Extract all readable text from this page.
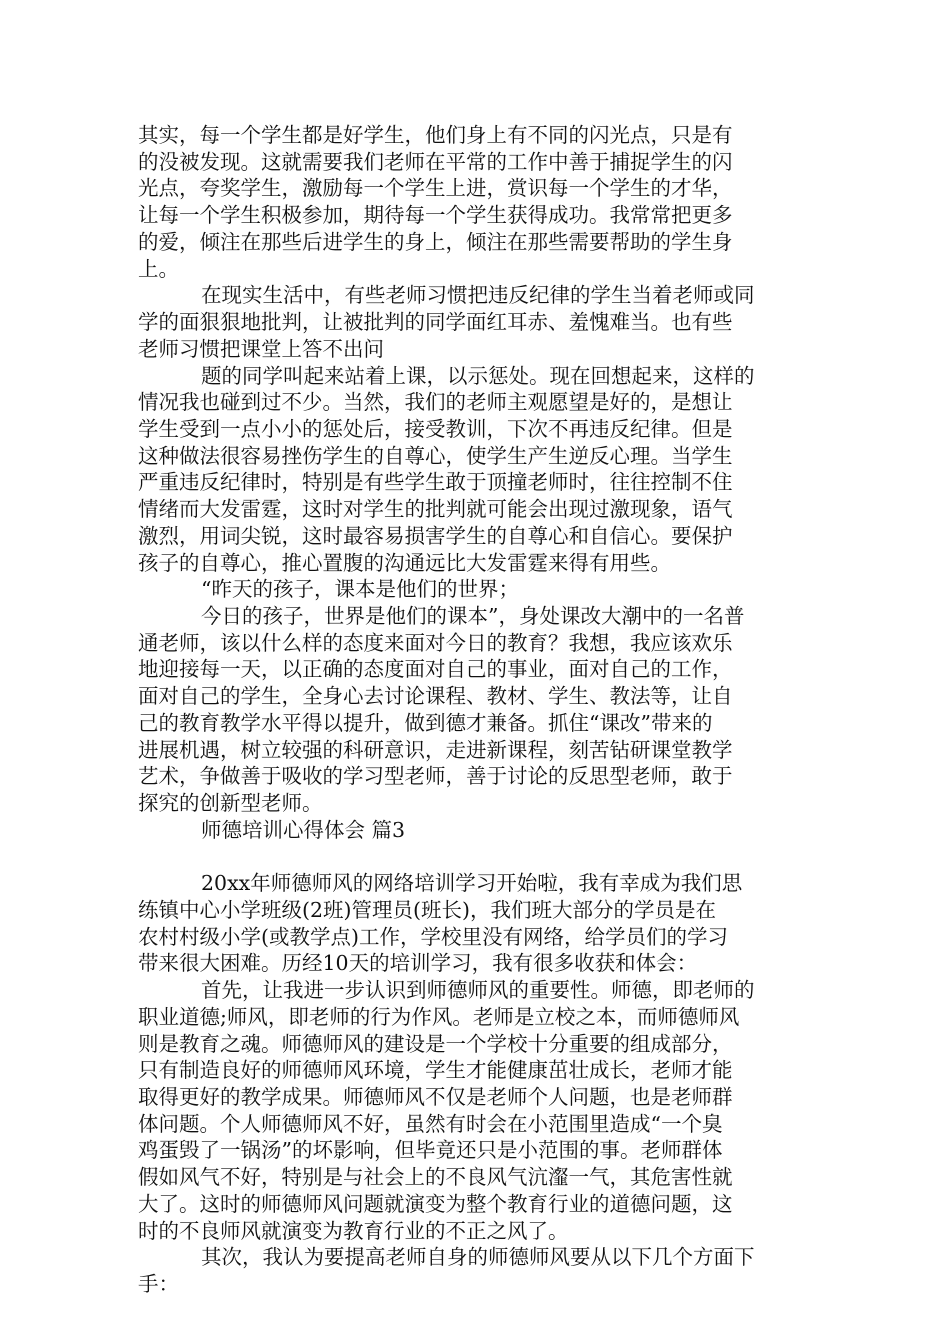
其实，每一个学生都是好学生，他们身上有不同的闪光点，只是有
的没被发现。这就需要我们老师在平常的工作中善于捕捉学生的闪
光点，夸奖学生，激励每一个学生上进，赏识每一个学生的才华，
让每一个学生积极参加，期待每一个学生获得成功。我常常把更多
的爱，倾注在那些后进学生的身上，倾注在那些需要帮助的学生身
上。
在现实生活中，有些老师习惯把违反纪律的学生当着老师或同
学的面狠狠地批判，让被批判的同学面红耳赤、羞愧难当。也有些
老师习惯把课堂上答不出问
题的同学叫起来站着上课，以示惩处。现在回想起来，这样的
情况我也碰到过不少。当然，我们的老师主观愿望是好的，是想让
学生受到一点小小的惩处后，接受教训，下次不再违反纪律。但是
这种做法很容易挫伤学生的自尊心，使学生产生逆反心理。当学生
严重违反纪律时，特别是有些学生敢于顶撞老师时，往往控制不住
情绪而大发雷霆，这时对学生的批判就可能会出现过激现象，语气
激烈，用词尖锐，这时最容易损害学生的自尊心和自信心。要保护
孩子的自尊心，推心置腹的沟通远比大发雷霆来得有用些。
“昨天的孩子，课本是他们的世界；
今日的孩子，世界是他们的课本”，身处课改大潮中的一名普
通老师，该以什么样的态度来面对今日的教育？我想，我应该欢乐
地迎接每一天，以正确的态度面对自己的事业，面对自己的工作，
面对自己的学生，全身心去讨论课程、教材、学生、教法等，让自
己的教育教学水平得以提升，做到德才兼备。抓住“课改”带来的
进展机遇，树立较强的科研意识，走进新课程，刻苦钻研课堂教学
艺术，争做善于吸收的学习型老师，善于讨论的反思型老师，敢于
探究的创新型老师。
师德培训心得体会 篇3
20xx年师德师风的网络培训学习开始啦，我有幸成为我们思
练镇中心小学班级(2班)管理员(班长)，我们班大部分的学员是在
农村村级小学(或教学点)工作，学校里没有网络，给学员们的学习
带来很大困难。历经10天的培训学习，我有很多收获和体会：
首先，让我进一步认识到师德师风的重要性。师德，即老师的
职业道德;师风，即老师的行为作风。老师是立校之本，而师德师风
则是教育之魂。师德师风的建设是一个学校十分重要的组成部分，
只有制造良好的师德师风环境，学生才能健康茁壮成长，老师才能
取得更好的教学成果。师德师风不仅是老师个人问题，也是老师群
体问题。个人师德师风不好，虽然有时会在小范围里造成“一个臭
鸡蛋毁了一锅汤”的坏影响，但毕竟还只是小范围的事。老师群体
假如风气不好，特别是与社会上的不良风气沆瀣一气，其危害性就
大了。这时的师德师风问题就演变为整个教育行业的道德问题，这
时的不良师风就演变为教育行业的不正之风了。
其次，我认为要提高老师自身的师德师风要从以下几个方面下
手：
